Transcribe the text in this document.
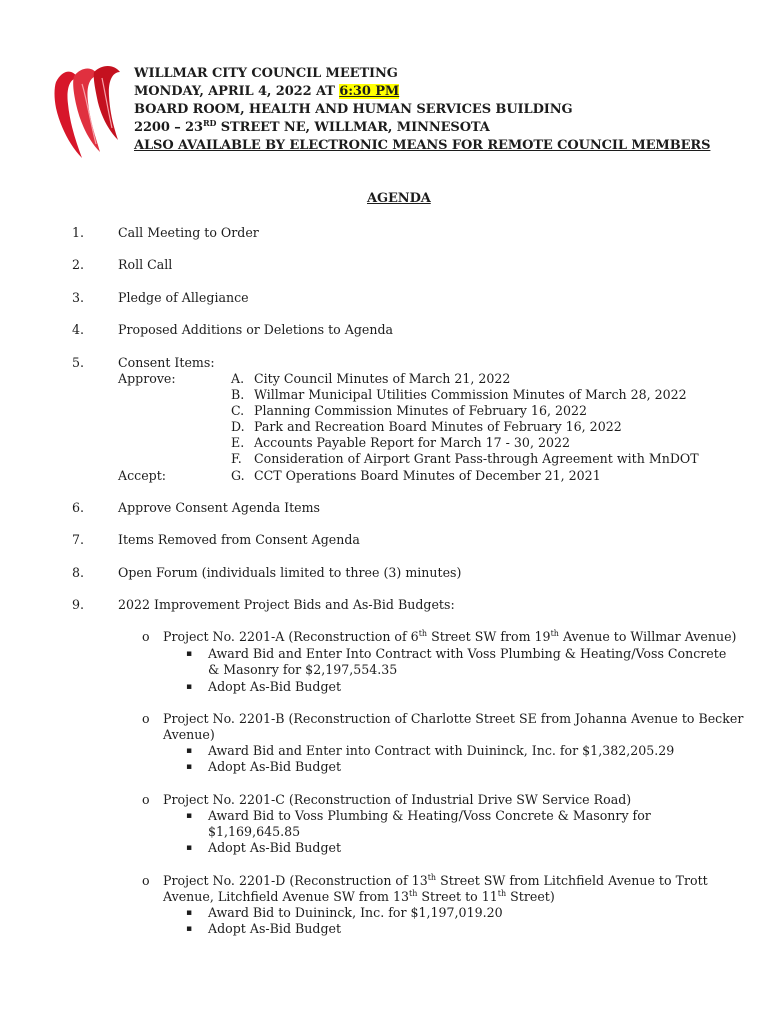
WILLMAR CITY COUNCIL MEETING
MONDAY, APRIL 4, 2022 AT 6:30 PM
BOARD ROOM, HEALTH AND HUMAN SERVICES BUILDING
2200 – 23RD STREET NE, WILLMAR, MINNESOTA
ALSO AVAILABLE BY ELECTRONIC MEANS FOR REMOTE COUNCIL MEMBERS
AGENDA
1.	Call Meeting to Order
2.	Roll Call
3.	Pledge of Allegiance
4.	Proposed Additions or Deletions to Agenda
5.	Consent Items:
Approve:
Accept:
A. City Council Minutes of March 21, 2022
B. Willmar Municipal Utilities Commission Minutes of March 28, 2022
C. Planning Commission Minutes of February 16, 2022
D. Park and Recreation Board Minutes of February 16, 2022
E. Accounts Payable Report for March 17 - 30, 2022
F. Consideration of Airport Grant Pass-through Agreement with MnDOT
G. CCT Operations Board Minutes of December 21, 2021
6.	Approve Consent Agenda Items
7.	Items Removed from Consent Agenda
8.	Open Forum (individuals limited to three (3) minutes)
9.	2022 Improvement Project Bids and As-Bid Budgets:
o Project No. 2201-A (Reconstruction of 6th Street SW from 19th Avenue to Willmar Avenue)
▪ Award Bid and Enter Into Contract with Voss Plumbing & Heating/Voss Concrete
& Masonry for $2,197,554.35
▪ Adopt As-Bid Budget
o Project No. 2201-B (Reconstruction of Charlotte Street SE from Johanna Avenue to Becker
Avenue)
▪ Award Bid and Enter into Contract with Duininck, Inc. for $1,382,205.29
▪ Adopt As-Bid Budget
o Project No. 2201-C (Reconstruction of Industrial Drive SW Service Road)
▪ Award Bid to Voss Plumbing & Heating/Voss Concrete & Masonry for
$1,169,645.85
▪ Adopt As-Bid Budget
o Project No. 2201-D (Reconstruction of 13th Street SW from Litchfield Avenue to Trott
Avenue, Litchfield Avenue SW from 13th Street to 11th Street)
▪ Award Bid to Duininck, Inc. for $1,197,019.20
▪ Adopt As-Bid Budget
